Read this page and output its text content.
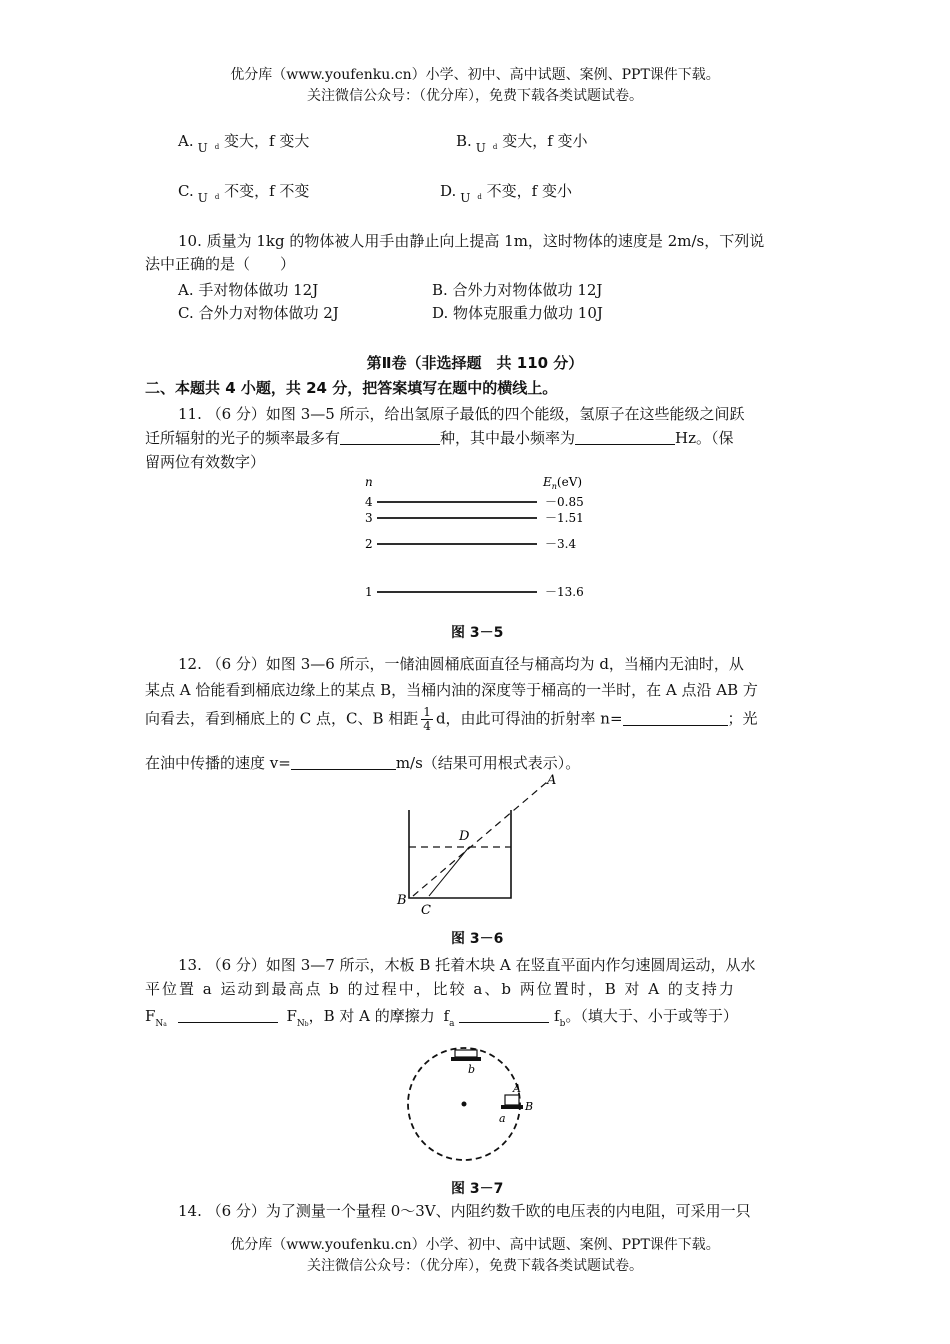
优分库（www.youfenku.cn）小学、初中、高中试题、案例、PPT课件下载。
关注微信公众号：（优分库），免费下载各类试题试卷。
A. $_U$ $_d$ 变大，f 变大	B. $_U$ $_d$ 变大，f 变小
C. $_U$ $_d$ 不变，f 不变	D. $_U$ $_d$ 不变，f 变小
10. 质量为 1kg 的物体被人用手由静止向上提高 1m，这时物体的速度是 2m/s，下列说
法中正确的是（　　）
A. 手对物体做功 12J	B. 合外力对物体做功 12J
C. 合外力对物体做功 2J	D. 物体克服重力做功 10J
第Ⅱ卷（非选择题　共 110 分）
二、本题共 4 小题，共 24 分，把答案填写在题中的横线上。
11. （6 分）如图 3—5 所示，给出氢原子最低的四个能级，氢原子在这些能级之间跃
迁所辐射的光子的频率最多有	种，其中最小频率为	Hz。（保
留两位有效数字）
n	$E_n(eV)$
4	－0.85
3	－1.51
2	－3.4
1	－13.6
图 3－5
12. （6 分）如图 3—6 所示，一储油圆桶底面直径与桶高均为 d，当桶内无油时，从
某点 A 恰能看到桶底边缘上的某点 B，当桶内油的深度等于桶高的一半时，在 A 点沿 AB 方
向看去，看到桶底上的 C 点，C、B 相距 $\frac{1}{4}$ d，由此可得油的折射率 n=	；光
在油中传播的速度 v=	m/s（结果可用根式表示）。
A
B
C
D
图 3－6
13. （6 分）如图 3—7 所示，木板 B 托着木块 A 在竖直平面内作匀速圆周运动，从水
平位置 a 运动到最高点 b 的过程中，比较 a、b 两位置时，B 对 A 的支持力
$F_{Na}$	$F_{Nb}$，B 对 A 的摩擦力 $f_a$	$f_b$。（填大于、小于或等于）
b
A
B
a
图 3－7
14. （6 分）为了测量一个量程 0～3V、内阻约数千欧的电压表的内电阻，可采用一只
优分库（www.youfenku.cn）小学、初中、高中试题、案例、PPT课件下载。
关注微信公众号：（优分库），免费下载各类试题试卷。
